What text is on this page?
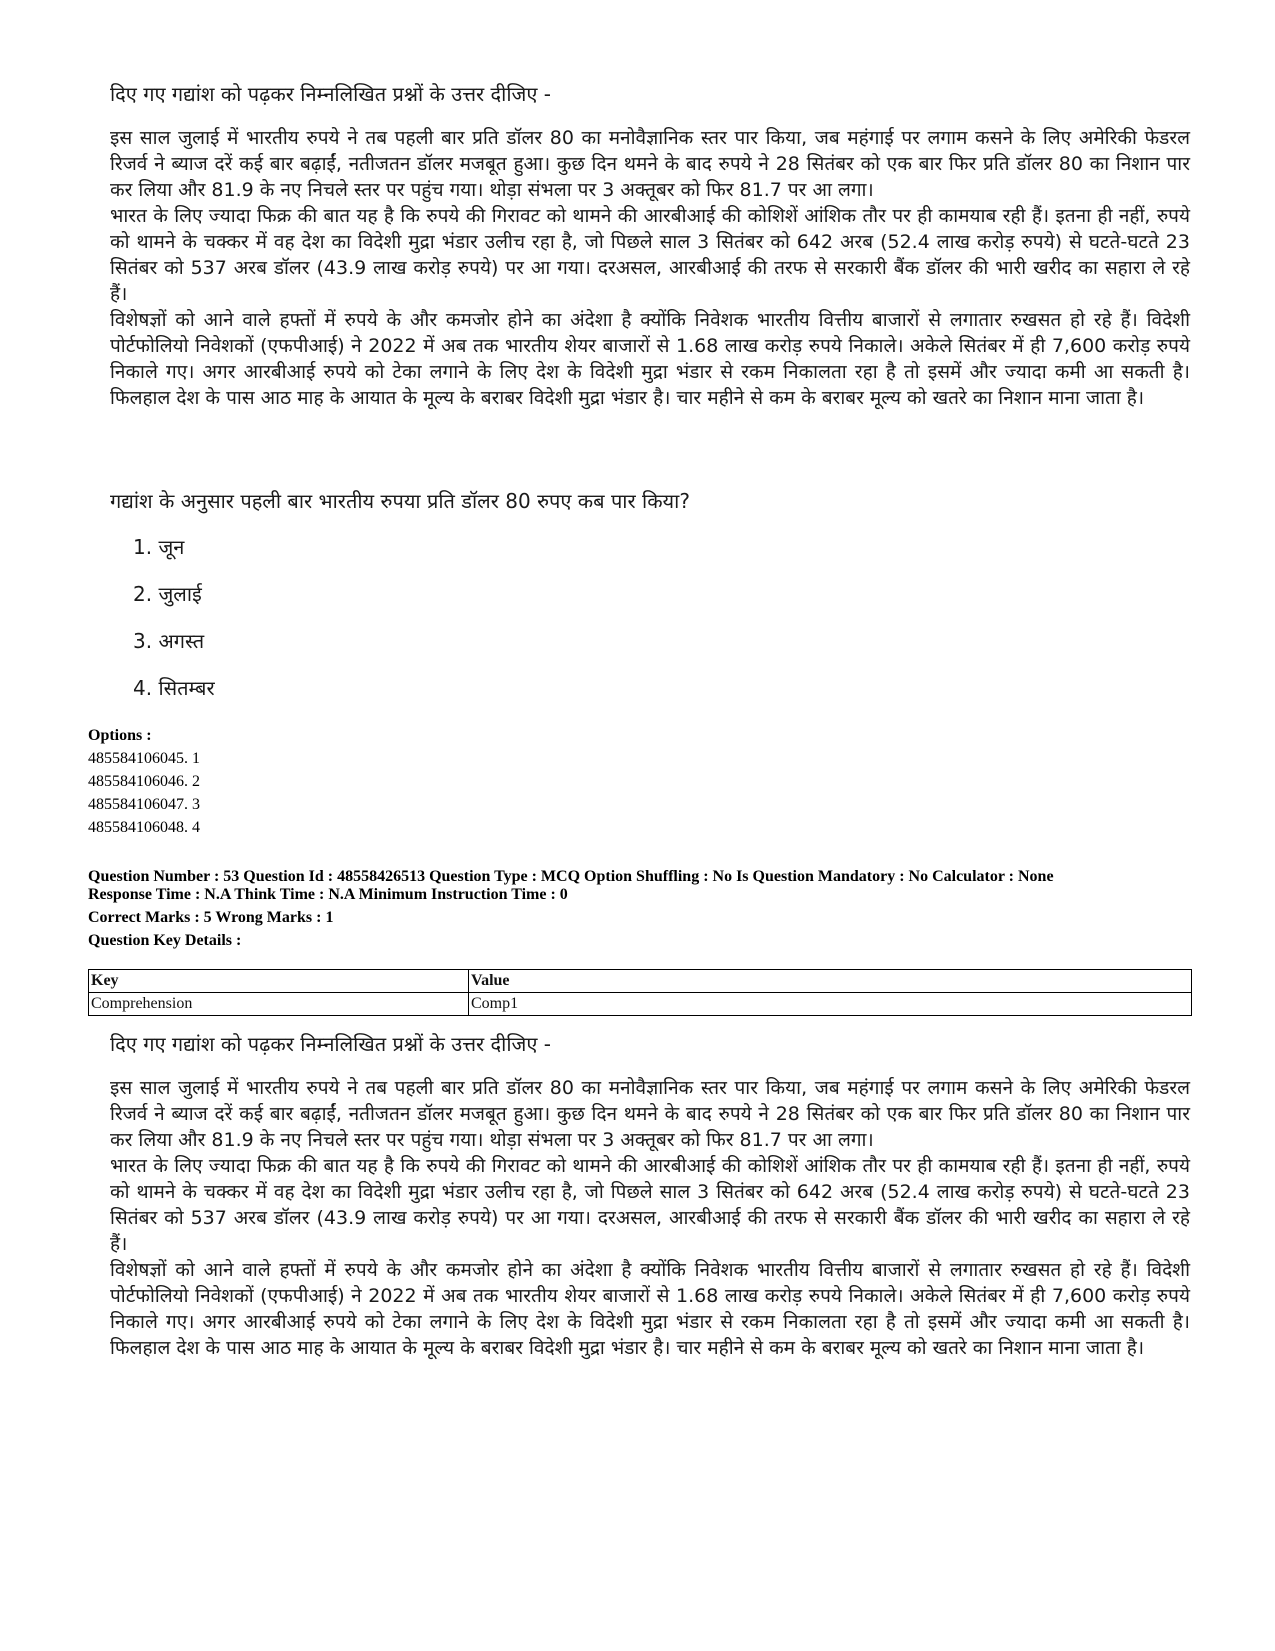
दिए गए गद्यांश को पढ़कर निम्नलिखित प्रश्नों के उत्तर दीजिए -

इस साल जुलाई में भारतीय रुपये ने तब पहली बार प्रति डॉलर 80 का मनोवैज्ञानिक स्तर पार किया, जब महंगाई पर लगाम कसने के लिए अमेरिकी फेडरल रिजर्व ने ब्याज दरें कई बार बढ़ाईं, नतीजतन डॉलर मजबूत हुआ। कुछ दिन थमने के बाद रुपये ने 28 सितंबर को एक बार फिर प्रति डॉलर 80 का निशान पार कर लिया और 81.9 के नए निचले स्तर पर पहुंच गया। थोड़ा संभला पर 3 अक्तूबर को फिर 81.7 पर आ लगा।

भारत के लिए ज्यादा फिक्र की बात यह है कि रुपये की गिरावट को थामने की आरबीआई की कोशिशें आंशिक तौर पर ही कामयाब रही हैं। इतना ही नहीं, रुपये को थामने के चक्कर में वह देश का विदेशी मुद्रा भंडार उलीच रहा है, जो पिछले साल 3 सितंबर को 642 अरब (52.4 लाख करोड़ रुपये) से घटते-घटते 23 सितंबर को 537 अरब डॉलर (43.9 लाख करोड़ रुपये) पर आ गया। दरअसल, आरबीआई की तरफ से सरकारी बैंक डॉलर की भारी खरीद का सहारा ले रहे हैं।

विशेषज्ञों को आने वाले हफ्तों में रुपये के और कमजोर होने का अंदेशा है क्योंकि निवेशक भारतीय वित्तीय बाजारों से लगातार रुखसत हो रहे हैं। विदेशी पोर्टफोलियो निवेशकों (एफपीआई) ने 2022 में अब तक भारतीय शेयर बाजारों से 1.68 लाख करोड़ रुपये निकाले। अकेले सितंबर में ही 7,600 करोड़ रुपये निकाले गए। अगर आरबीआई रुपये को टेका लगाने के लिए देश के विदेशी मुद्रा भंडार से रकम निकालता रहा है तो इसमें और ज्यादा कमी आ सकती है। फिलहाल देश के पास आठ माह के आयात के मूल्य के बराबर विदेशी मुद्रा भंडार है। चार महीने से कम के बराबर मूल्य को खतरे का निशान माना जाता है।

गद्यांश के अनुसार पहली बार भारतीय रुपया प्रति डॉलर 80 रुपए कब पार किया?
1. जून
2. जुलाई
3. अगस्त
4. सितम्बर
Options :
485584106045. 1
485584106046. 2
485584106047. 3
485584106048. 4
Question Number : 53 Question Id : 48558426513 Question Type : MCQ Option Shuffling : No Is Question Mandatory : No Calculator : None
Response Time : N.A Think Time : N.A Minimum Instruction Time : 0
Correct Marks : 5 Wrong Marks : 1
Question Key Details :
Key	Value
Comprehension	Comp1
दिए गए गद्यांश को पढ़कर निम्नलिखित प्रश्नों के उत्तर दीजिए -

इस साल जुलाई में भारतीय रुपये ने तब पहली बार प्रति डॉलर 80 का मनोवैज्ञानिक स्तर पार किया, जब महंगाई पर लगाम कसने के लिए अमेरिकी फेडरल रिजर्व ने ब्याज दरें कई बार बढ़ाईं, नतीजतन डॉलर मजबूत हुआ। कुछ दिन थमने के बाद रुपये ने 28 सितंबर को एक बार फिर प्रति डॉलर 80 का निशान पार कर लिया और 81.9 के नए निचले स्तर पर पहुंच गया। थोड़ा संभला पर 3 अक्तूबर को फिर 81.7 पर आ लगा।

भारत के लिए ज्यादा फिक्र की बात यह है कि रुपये की गिरावट को थामने की आरबीआई की कोशिशें आंशिक तौर पर ही कामयाब रही हैं। इतना ही नहीं, रुपये को थामने के चक्कर में वह देश का विदेशी मुद्रा भंडार उलीच रहा है, जो पिछले साल 3 सितंबर को 642 अरब (52.4 लाख करोड़ रुपये) से घटते-घटते 23 सितंबर को 537 अरब डॉलर (43.9 लाख करोड़ रुपये) पर आ गया। दरअसल, आरबीआई की तरफ से सरकारी बैंक डॉलर की भारी खरीद का सहारा ले रहे हैं।

विशेषज्ञों को आने वाले हफ्तों में रुपये के और कमजोर होने का अंदेशा है क्योंकि निवेशक भारतीय वित्तीय बाजारों से लगातार रुखसत हो रहे हैं। विदेशी पोर्टफोलियो निवेशकों (एफपीआई) ने 2022 में अब तक भारतीय शेयर बाजारों से 1.68 लाख करोड़ रुपये निकाले। अकेले सितंबर में ही 7,600 करोड़ रुपये निकाले गए। अगर आरबीआई रुपये को टेका लगाने के लिए देश के विदेशी मुद्रा भंडार से रकम निकालता रहा है तो इसमें और ज्यादा कमी आ सकती है। फिलहाल देश के पास आठ माह के आयात के मूल्य के बराबर विदेशी मुद्रा भंडार है। चार महीने से कम के बराबर मूल्य को खतरे का निशान माना जाता है।
